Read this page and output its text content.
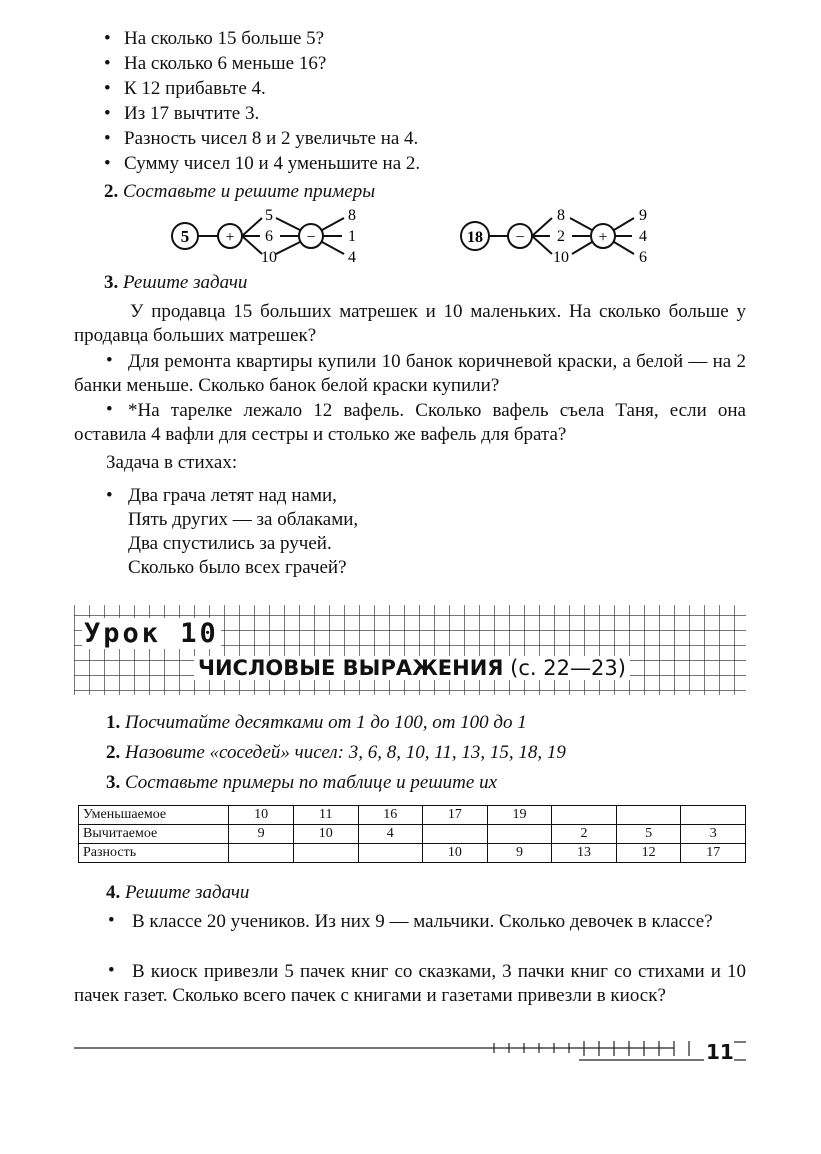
• На сколько 15 больше 5?
• На сколько 6 меньше 16?
• К 12 прибавьте 4.
• Из 17 вычтите 3.
• Разность чисел 8 и 2 увеличьте на 4.
• Сумму чисел 10 и 4 уменьшите на 2.
2. Составьте и решите примеры
5 +
5
6
10
−
8
1
4
18 −
8
2
10
+
9
4
6
3. Решите задачи
У продавца 15 больших матрешек и 10 маленьких. На сколько больше у продавца больших матрешек?
• Для ремонта квартиры купили 10 банок коричневой краски, а белой — на 2 банки меньше. Сколько банок белой краски купили?
• *На тарелке лежало 12 вафель. Сколько вафель съела Таня, если она оставила 4 вафли для сестры и столько же вафель для брата?
Задача в стихах:
• Два грача летят над нами,
Пять других — за облаками,
Два спустились за ручей.
Сколько было всех грачей?
Урок 10
ЧИСЛОВЫЕ ВЫРАЖЕНИЯ (с. 22—23)
1. Посчитайте десятками от 1 до 100, от 100 до 1
2. Назовите «соседей» чисел: 3, 6, 8, 10, 11, 13, 15, 18, 19
3. Составьте примеры по таблице и решите их
Уменьшаемое	10	11	16	17	19			
Вычитаемое	9	10	4			2	5	3
Разность				10	9	13	12	17
4. Решите задачи
• В классе 20 учеников. Из них 9 — мальчики. Сколько девочек в классе?
• В киоск привезли 5 пачек книг со сказками, 3 пачки книг со стихами и 10 пачек газет. Сколько всего пачек с книгами и газетами привезли в киоск?
11
